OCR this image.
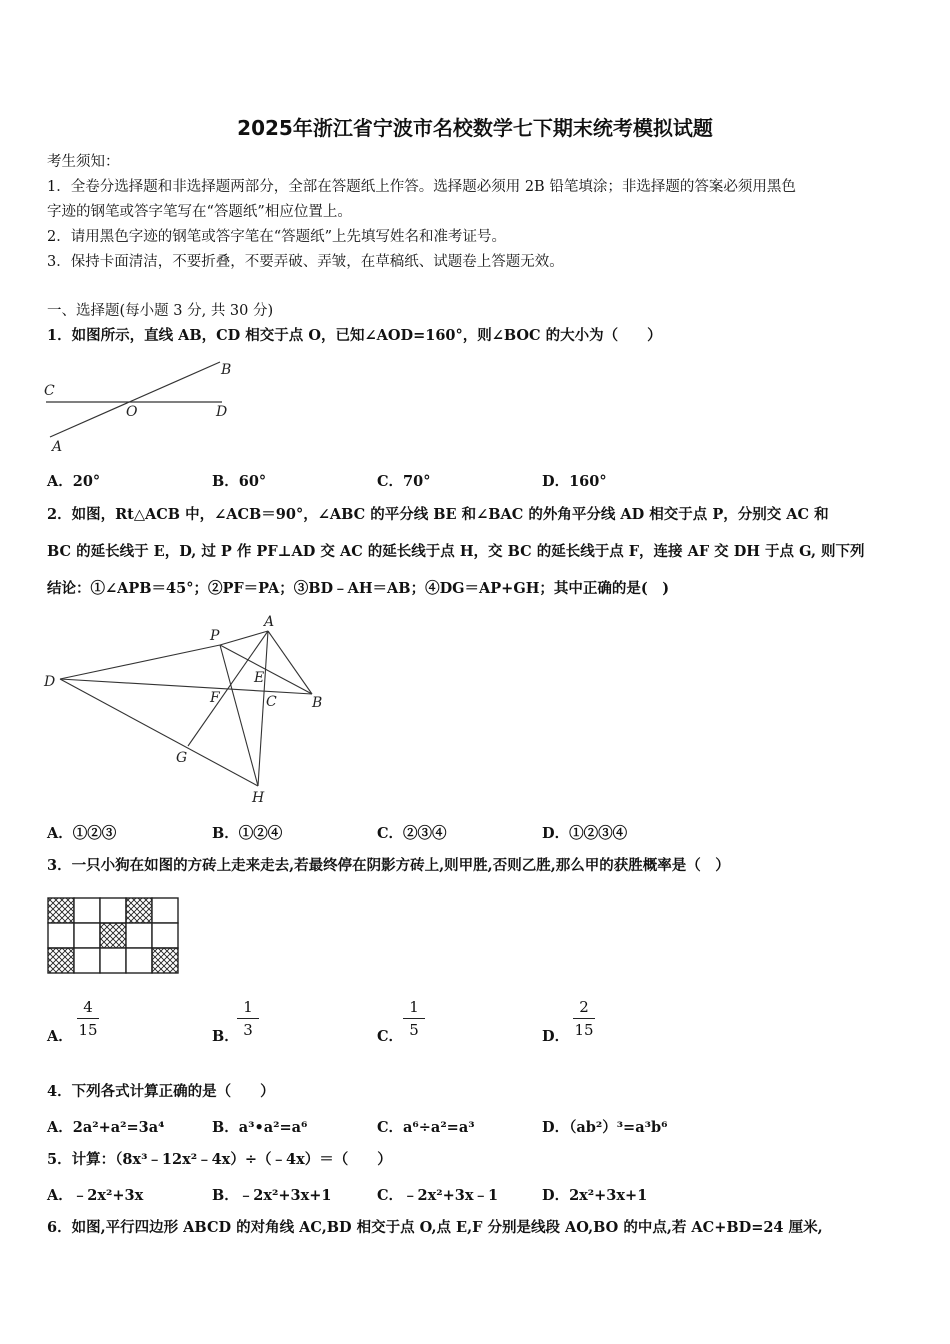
2025年浙江省宁波市名校数学七下期末统考模拟试题
考生须知：
1．全卷分选择题和非选择题两部分，全部在答题纸上作答。选择题必须用 2B 铅笔填涂；非选择题的答案必须用黑色
字迹的钢笔或答字笔写在“答题纸”相应位置上。
2．请用黑色字迹的钢笔或答字笔在“答题纸”上先填写姓名和准考证号。
3．保持卡面清洁，不要折叠，不要弄破、弄皱，在草稿纸、试题卷上答题无效。
一、选择题(每小题 3 分, 共 30 分)
1．如图所示，直线 AB，CD 相交于点 O，已知∠AOD=160°，则∠BOC 的大小为（　　）
C
B
O	D
A
A．20°	B．60°	C．70°	D．160°
2．如图，Rt△ACB 中，∠ACB＝90°，∠ABC 的平分线 BE 和∠BAC 的外角平分线 AD 相交于点 P，分别交 AC 和
BC 的延长线于 E，D, 过 P 作 PF⊥AD 交 AC 的延长线于点 H，交 BC 的延长线于点 F，连接 AF 交 DH 于点 G, 则下列
结论：①∠APB＝45°；②PF＝PA；③BD﹣AH＝AB；④DG＝AP+GH；其中正确的是(　)
P
A
D	E
F	C	B
G
H
A．①②③	B．①②④	C．②③④	D．①②③④
3．一只小狗在如图的方砖上走来走去,若最终停在阴影方砖上,则甲胜,否则乙胜,那么甲的获胜概率是（　）
A．
4
15	B．
1
3	C．
1
5	D．
2
15
4．下列各式计算正确的是（　　）
A．2a²+a²=3a⁴	B．a³•a²=a⁶	C．a⁶÷a²=a³	D．（ab²）³=a³b⁶
5．计算：（8x³﹣12x²﹣4x）÷（﹣4x）＝（　　）
A．﹣2x²+3x	B．﹣2x²+3x+1	C．﹣2x²+3x﹣1	D．2x²+3x+1
6．如图,平行四边形 ABCD 的对角线 AC,BD 相交于点 O,点 E,F 分别是线段 AO,BO 的中点,若 AC+BD=24 厘米,
